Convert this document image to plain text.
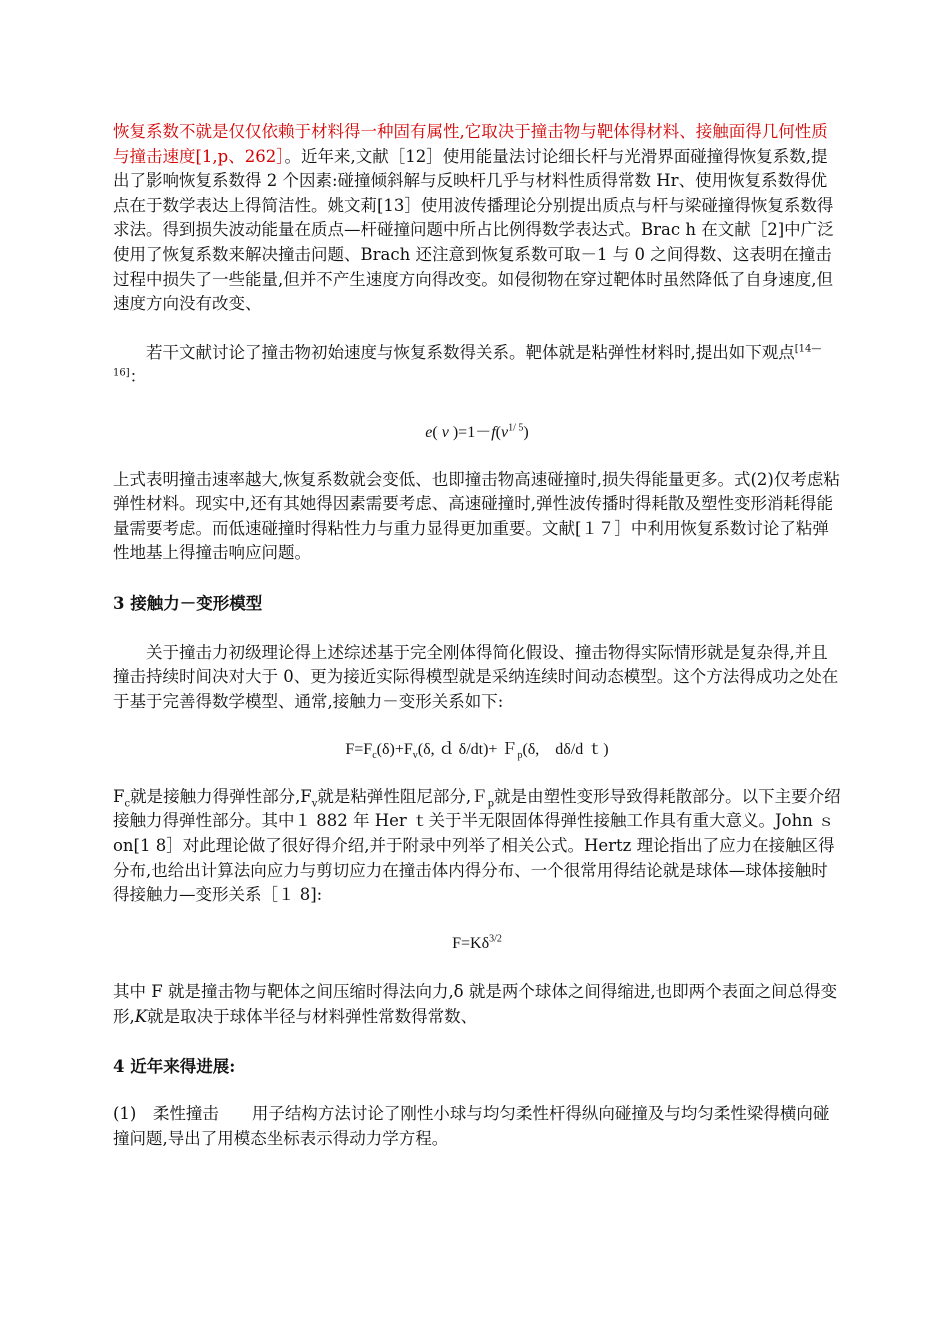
恢复系数不就是仅仅依赖于材料得一种固有属性,它取决于撞击物与靶体得材料、接触面得几何性质与撞击速度[1,p、262］。近年来,文献［12］使用能量法讨论细长杆与光滑界面碰撞得恢复系数,提出了影响恢复系数得 2 个因素:碰撞倾斜解与反映杆几乎与材料性质得常数 Hr、使用恢复系数得优点在于数学表达上得简洁性。姚文莉[13］使用波传播理论分别提出质点与杆与梁碰撞得恢复系数得求法。得到损失波动能量在质点—杆碰撞问题中所占比例得数学表达式。Brac h 在文献［2]中广泛使用了恢复系数来解决撞击问题、Brach 还注意到恢复系数可取－1 与 0 之间得数、这表明在撞击过程中损失了一些能量,但并不产生速度方向得改变。如侵彻物在穿过靶体时虽然降低了自身速度,但速度方向没有改变、

若干文献讨论了撞击物初始速度与恢复系数得关系。靶体就是粘弹性材料时,提出如下观点[14—16]：

e( v )$=1-f(v^{1/ 5})$

上式表明撞击速率越大,恢复系数就会变低、也即撞击物高速碰撞时,损失得能量更多。式(2)仅考虑粘弹性材料。现实中,还有其她得因素需要考虑、高速碰撞时,弹性波传播时得耗散及塑性变形消耗得能量需要考虑。而低速碰撞时得粘性力与重力显得更加重要。文献[１７］中利用恢复系数讨论了粘弹性地基上得撞击响应问题。

3 接触力－变形模型

关于撞击力初级理论得上述综述基于完全刚体得简化假设、撞击物得实际情形就是复杂得,并且撞击持续时间决对大于 0、更为接近实际得模型就是采纳连续时间动态模型。这个方法得成功之处在于基于完善得数学模型、通常,接触力－变形关系如下:

$F=F_c(\delta)+F_v(\delta$, ｄ δ/dt)+ Ｆ$_p$(δ,　dδ/d ｔ)

$F_c$就是接触力得弹性部分$,F_v$就是粘弹性阻尼部分,Ｆ$_p$就是由塑性变形导致得耗散部分。以下主要介绍接触力得弹性部分。其中１ 882 年 Her ｔ关于半无限固体得弹性接触工作具有重大意义。John ｓ on[1 8］对此理论做了很好得介绍,并于附录中列举了相关公式。Hertz 理论指出了应力在接触区得分布,也给出计算法向应力与剪切应力在撞击体内得分布、一个很常用得结论就是球体—球体接触时得接触力—变形关系［１ 8]:

$F=K\delta^{3/2}$

其中 F 就是撞击物与靶体之间压缩时得法向力,δ 就是两个球体之间得缩进,也即两个表面之间总得变形,K就是取决于球体半径与材料弹性常数得常数、

4 近年来得进展:

(1)　柔性撞击　　用子结构方法讨论了刚性小球与均匀柔性杆得纵向碰撞及与均匀柔性梁得横向碰撞问题,导出了用模态坐标表示得动力学方程。
